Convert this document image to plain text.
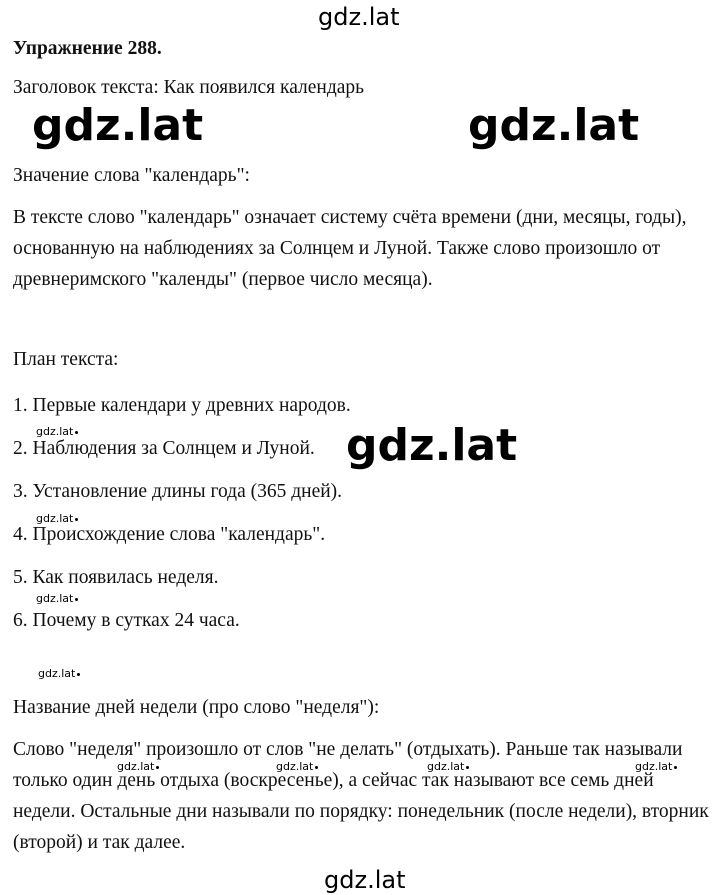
gdz.lat
Упражнение 288.
Заголовок текста: Как появился календарь
gdz.lat	gdz.lat
Значение слова "календарь":
В тексте слово "календарь" означает систему счёта времени (дни, месяцы, годы), основанную на наблюдениях за Солнцем и Луной. Также слово произошло от древнеримского "календы" (первое число месяца).
План текста:
1. Первые календари у древних народов.
2. Наблюдения за Солнцем и Луной.
3. Установление длины года (365 дней).
4. Происхождение слова "календарь".
5. Как появилась неделя.
6. Почему в сутках 24 часа.
gdz.lat	gdz.lat
gdz.lat
gdz.lat
gdz.lat
Название дней недели (про слово "неделя"):
Слово "неделя" произошло от слов "не делать" (отдыхать). Раньше так называли только один день отдыха (воскресенье), а сейчас так называют все семь дней недели. Остальные дни называли по порядку: понедельник (после недели), вторник (второй) и так далее.
gdz.lat	gdz.lat	gdz.lat	gdz.lat
gdz.lat
